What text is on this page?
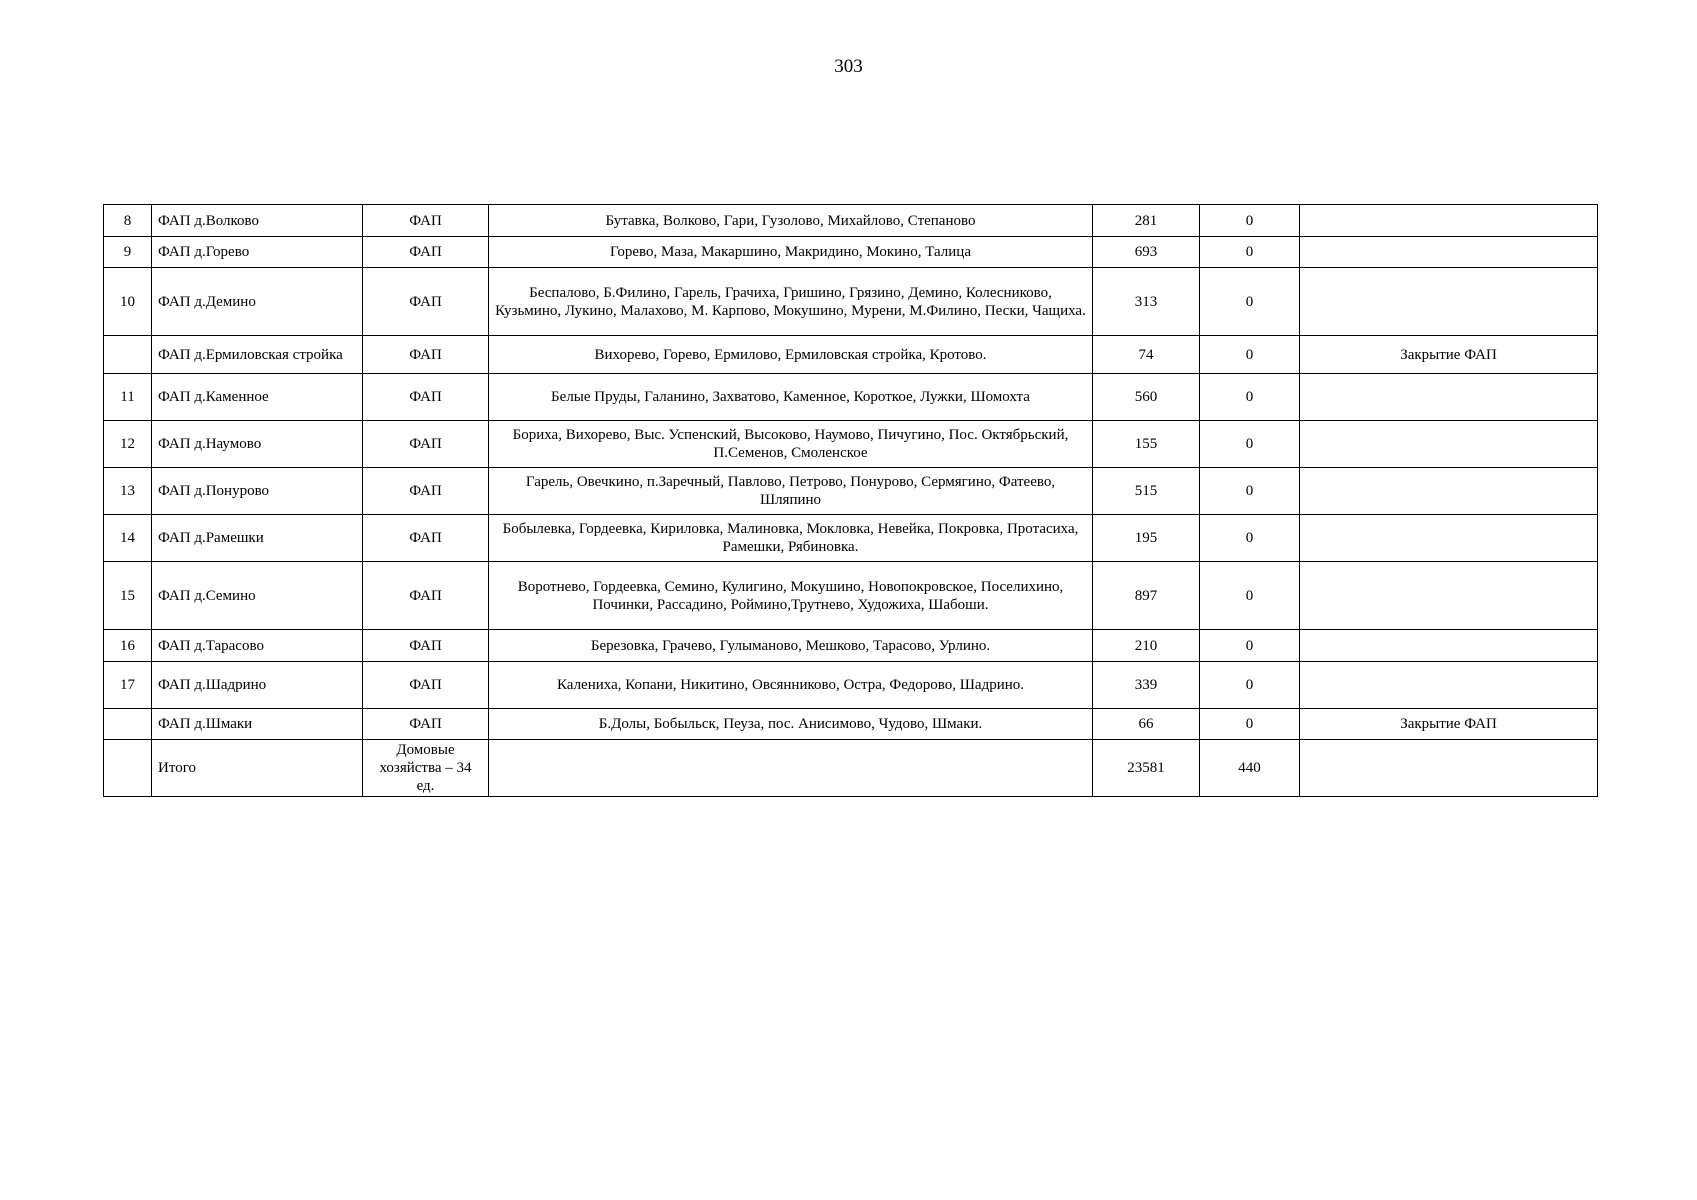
303
8	ФАП д.Волково	ФАП	Бутавка, Волково, Гари, Гузолово, Михайлово, Степаново	281	0	
9	ФАП д.Горево	ФАП	Горево, Маза, Макаршино, Макридино, Мокино, Талица	693	0	
10	ФАП д.Демино	ФАП	Беспалово, Б.Филино, Гарель, Грачиха, Гришино, Грязино, Демино, Колесниково, Кузьмино, Лукино, Малахово, М. Карпово, Мокушино, Мурени, М.Филино, Пески, Чащиха.	313	0	
	ФАП д.Ермиловская стройка	ФАП	Вихорево, Горево, Ермилово, Ермиловская стройка, Кротово.	74	0	Закрытие ФАП
11	ФАП д.Каменное	ФАП	Белые Пруды, Галанино, Захватово, Каменное, Короткое, Лужки, Шомохта	560	0	
12	ФАП д.Наумово	ФАП	Бориха, Вихорево, Выс. Успенский, Высоково, Наумово, Пичугино, Пос. Октябрьский, П.Семенов, Смоленское	155	0	
13	ФАП д.Понурово	ФАП	Гарель, Овечкино, п.Заречный, Павлово, Петрово, Понурово, Сермягино, Фатеево, Шляпино	515	0	
14	ФАП д.Рамешки	ФАП	Бобылевка, Гордеевка, Кириловка, Малиновка, Мокловка, Невейка, Покровка, Протасиха, Рамешки, Рябиновка.	195	0	
15	ФАП д.Семино	ФАП	Воротнево, Гордеевка, Семино, Кулигино, Мокушино, Новопокровское, Поселихино, Починки, Рассадино, Роймино,Трутнево, Художиха, Шабоши.	897	0	
16	ФАП д.Тарасово	ФАП	Березовка, Грачево, Гулыманово, Мешково, Тарасово, Урлино.	210	0	
17	ФАП д.Шадрино	ФАП	Калениха, Копани, Никитино, Овсянниково, Остра, Федорово, Шадрино.	339	0	
	ФАП д.Шмаки	ФАП	Б.Долы, Бобыльск, Пеуза, пос. Анисимово, Чудово, Шмаки.	66	0	Закрытие ФАП
	Итого	Домовые хозяйства – 34 ед.		23581	440	
